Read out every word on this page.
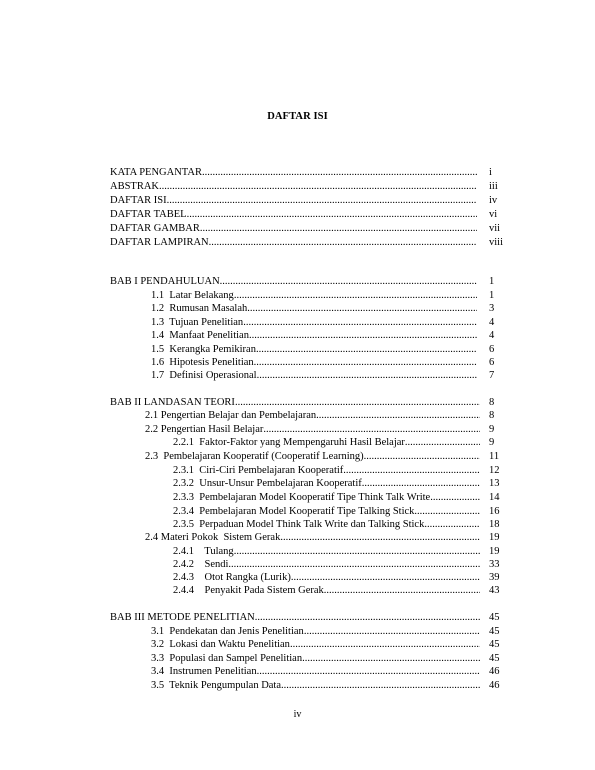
DAFTAR ISI
KATA PENGANTAR .....	i
ABSTRAK .....	iii
DAFTAR ISI .....	iv
DAFTAR TABEL .....	vi
DAFTAR GAMBAR .....	vii
DAFTAR LAMPIRAN .....	viii
BAB I PENDAHULUAN .....	1
1.1  Latar Belakang .....	1
1.2  Rumusan Masalah .....	3
1.3  Tujuan Penelitian .....	4
1.4  Manfaat Penelitian .....	4
1.5  Kerangka Pemikiran .....	6
1.6  Hipotesis Penelitian .....	6
1.7  Definisi Operasional .....	7
BAB II LANDASAN TEORI .....	8
2.1 Pengertian Belajar dan Pembelajaran .....	8
2.2 Pengertian Hasil Belajar .....	9
2.2.1  Faktor-Faktor yang Mempengaruhi Hasil Belajar .....	9
2.3  Pembelajaran Kooperatif (Cooperatif Learning) .....	11
2.3.1  Ciri-Ciri Pembelajaran Kooperatif .....	12
2.3.2  Unsur-Unsur Pembelajaran Kooperatif .....	13
2.3.3  Pembelajaran Model Kooperatif Tipe Think Talk Write .....	14
2.3.4  Pembelajaran Model Kooperatif Tipe Talking Stick .....	16
2.3.5  Perpaduan Model Think Talk Write dan Talking Stick .....	18
2.4 Materi Pokok  Sistem Gerak .....	19
2.4.1    Tulang .....	19
2.4.2    Sendi .....	33
2.4.3    Otot Rangka (Lurik) .....	39
2.4.4    Penyakit Pada Sistem Gerak .....	43
BAB III METODE PENELITIAN .....	45
3.1  Pendekatan dan Jenis Penelitian .....	45
3.2  Lokasi dan Waktu Penelitian .....	45
3.3  Populasi dan Sampel Penelitian .....	45
3.4  Instrumen Penelitian .....	46
3.5  Teknik Pengumpulan Data .....	46
iv
